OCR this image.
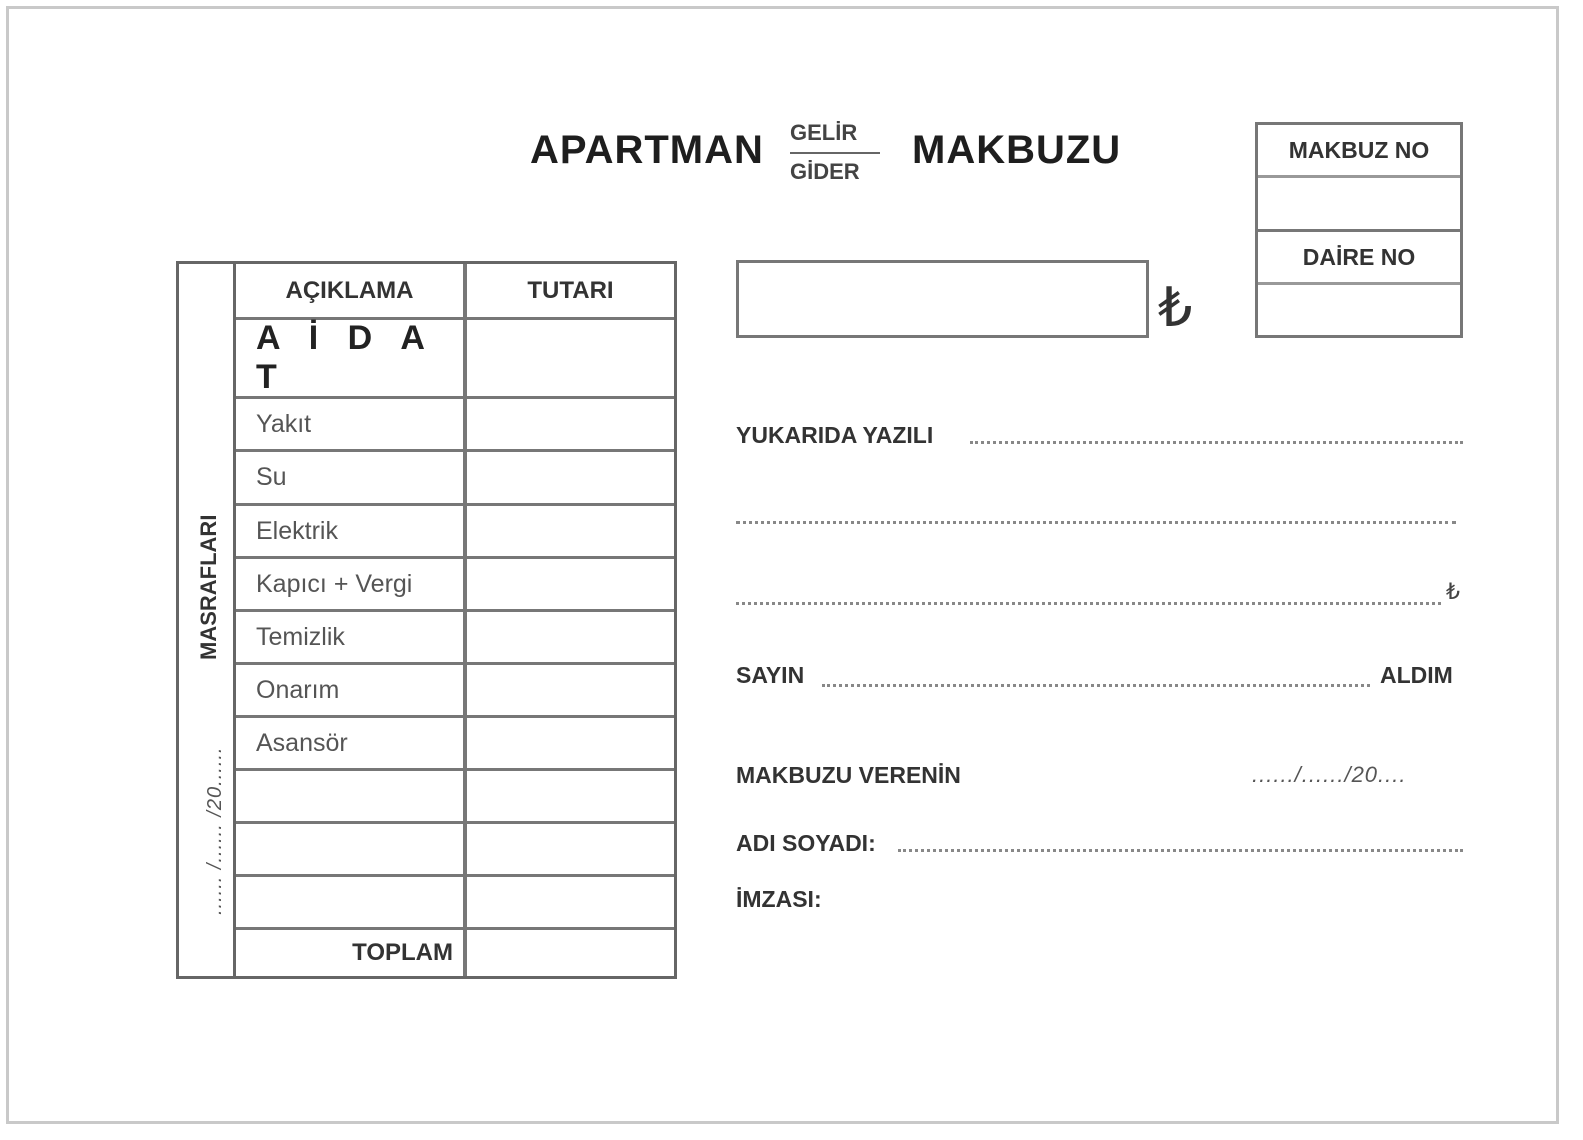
APARTMAN GELİR
GİDER MAKBUZU	MAKBUZ NO
DAİRE NO
₺
AÇIKLAMA	TUTARI
A İ D A T
Yakıt
Su
Elektrik
Kapıcı + Vergi
Temizlik
Onarım
Asansör
TOPLAM
MASRAFLARI
...... /...... /20......
YUKARIDA YAZILI
₺
SAYIN	ALDIM
MAKBUZU VERENİN	....../....../20....
ADI SOYADI:
İMZASI:
